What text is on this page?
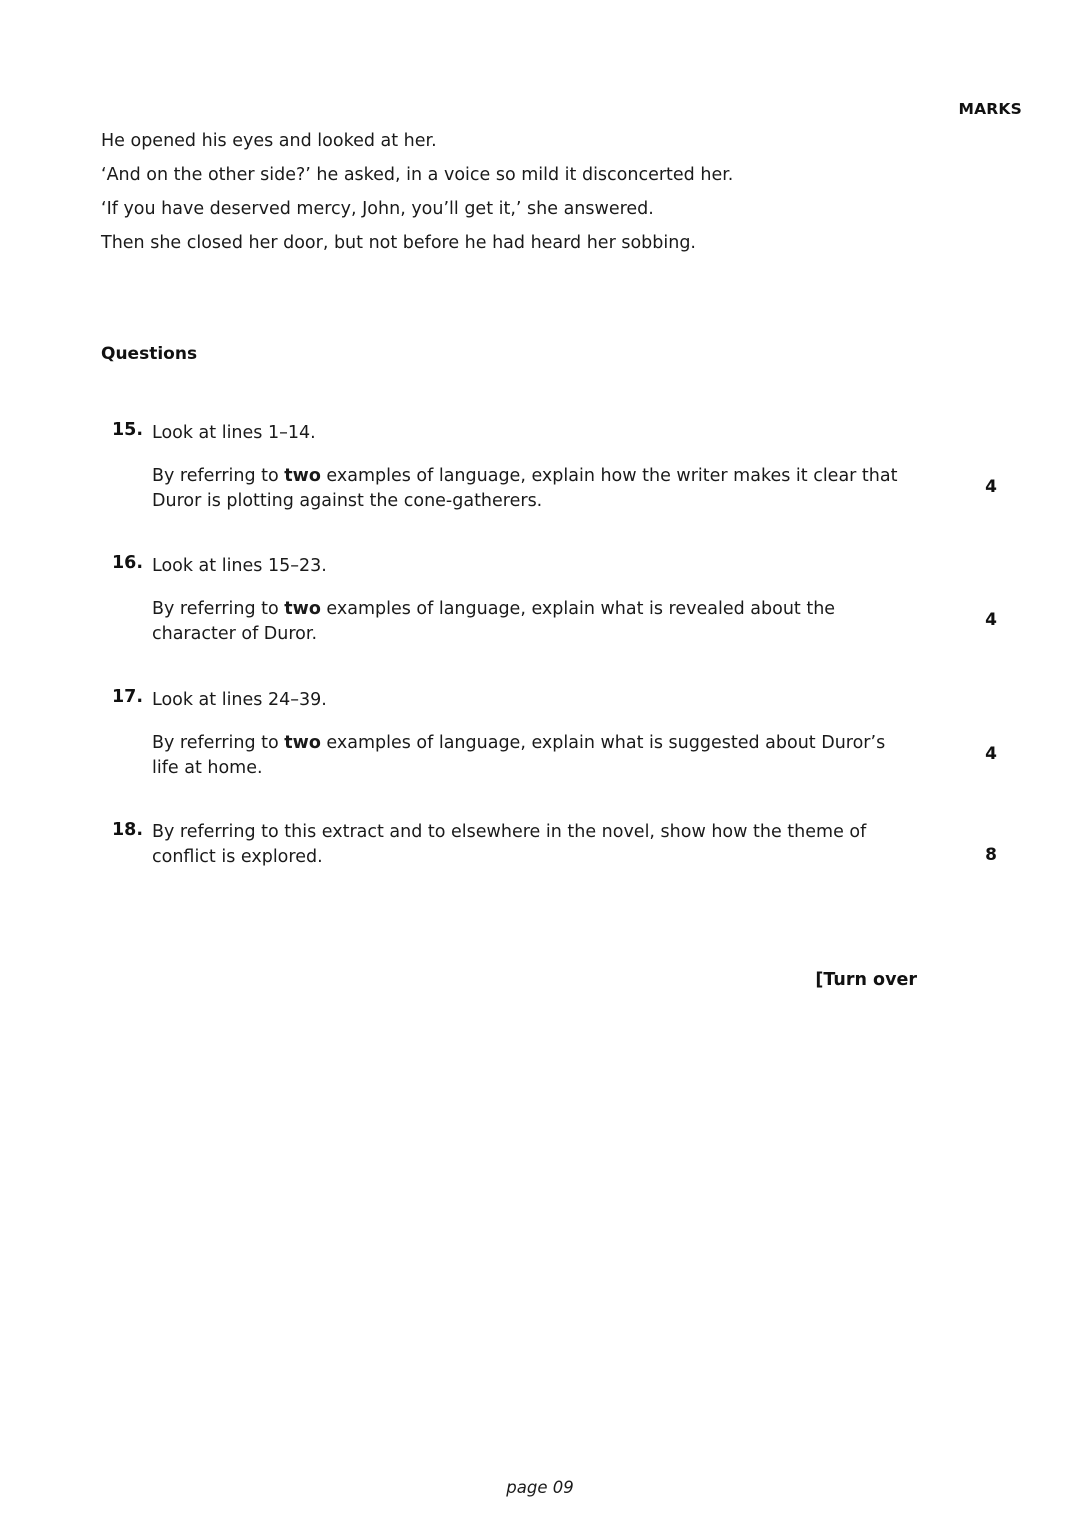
MARKS

He opened his eyes and looked at her.

‘And on the other side?’ he asked, in a voice so mild it disconcerted her.

‘If you have deserved mercy, John, you’ll get it,’ she answered.

Then she closed her door, but not before he had heard her sobbing.

Questions
15. Look at lines 1–14.

By referring to two examples of language, explain how the writer makes it clear that Duror is plotting against the cone-gatherers.

4
16. Look at lines 15–23.

By referring to two examples of language, explain what is revealed about the character of Duror.

4
17. Look at lines 24–39.

By referring to two examples of language, explain what is suggested about Duror’s life at home.

4
18. By referring to this extract and to elsewhere in the novel, show how the theme of conflict is explored.	8
[Turn over
page 09
